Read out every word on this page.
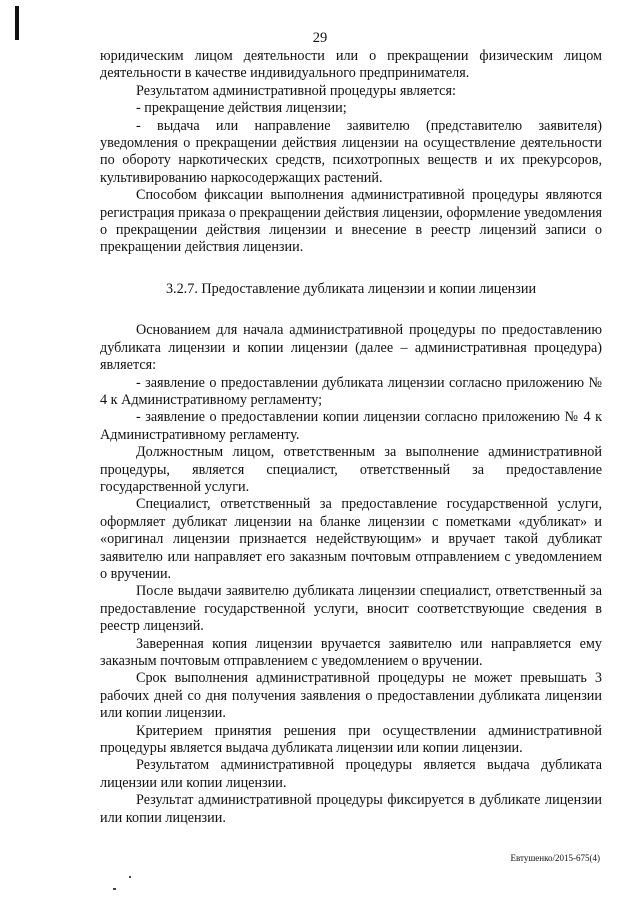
29

юридическим лицом деятельности или о прекращении физическим лицом деятельности в качестве индивидуального предпринимателя.

Результатом административной процедуры является:

- прекращение действия лицензии;

- выдача или направление заявителю (представителю заявителя) уведомления о прекращении действия лицензии на осуществление деятельности по обороту наркотических средств, психотропных веществ и их прекурсоров, культивированию наркосодержащих растений.

Способом фиксации выполнения административной процедуры являются регистрация приказа о прекращении действия лицензии, оформление уведомления о прекращении действия лицензии и внесение в реестр лицензий записи о прекращении действия лицензии.

3.2.7. Предоставление дубликата лицензии и копии лицензии

Основанием для начала административной процедуры по предоставлению дубликата лицензии и копии лицензии (далее – административная процедура) является:

- заявление о предоставлении дубликата лицензии согласно приложению № 4 к Административному регламенту;

- заявление о предоставлении копии лицензии согласно приложению № 4 к Административному регламенту.

Должностным лицом, ответственным за выполнение административной процедуры, является специалист, ответственный за предоставление государственной услуги.

Специалист, ответственный за предоставление государственной услуги, оформляет дубликат лицензии на бланке лицензии с пометками «дубликат» и «оригинал лицензии признается недействующим» и вручает такой дубликат заявителю или направляет его заказным почтовым отправлением с уведомлением о вручении.

После выдачи заявителю дубликата лицензии специалист, ответственный за предоставление государственной услуги, вносит соответствующие сведения в реестр лицензий.

Заверенная копия лицензии вручается заявителю или направляется ему заказным почтовым отправлением с уведомлением о вручении.

Срок выполнения административной процедуры не может превышать 3 рабочих дней со дня получения заявления о предоставлении дубликата лицензии или копии лицензии.

Критерием принятия решения при осуществлении административной процедуры является выдача дубликата лицензии или копии лицензии.

Результатом административной процедуры является выдача дубликата лицензии или копии лицензии.

Результат административной процедуры фиксируется в дубликате лицензии или копии лицензии.

Евтушенко/2015-675(4)
